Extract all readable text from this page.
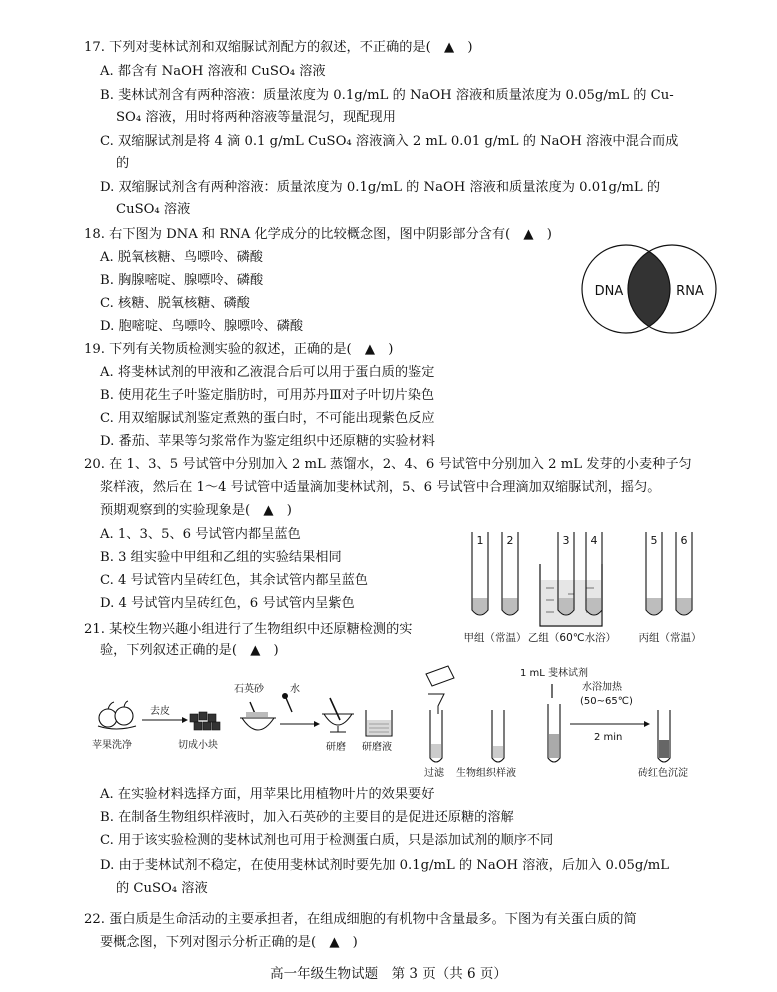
17. 下列对斐林试剂和双缩脲试剂配方的叙述，不正确的是(　▲　)
A. 都含有 NaOH 溶液和 CuSO₄ 溶液
B. 斐林试剂含有两种溶液：质量浓度为 0.1g/mL 的 NaOH 溶液和质量浓度为 0.05g/mL 的 Cu-
SO₄ 溶液，用时将两种溶液等量混匀，现配现用
C. 双缩脲试剂是将 4 滴 0.1 g/mL CuSO₄ 溶液滴入 2 mL 0.01 g/mL 的 NaOH 溶液中混合而成
的
D. 双缩脲试剂含有两种溶液：质量浓度为 0.1g/mL 的 NaOH 溶液和质量浓度为 0.01g/mL 的
CuSO₄ 溶液
18. 右下图为 DNA 和 RNA 化学成分的比较概念图，图中阴影部分含有(　▲　)
A. 脱氧核糖、鸟嘌呤、磷酸
B. 胸腺嘧啶、腺嘌呤、磷酸
C. 核糖、脱氧核糖、磷酸
D. 胞嘧啶、鸟嘌呤、腺嘌呤、磷酸
DNA	RNA
19. 下列有关物质检测实验的叙述，正确的是(　▲　)
A. 将斐林试剂的甲液和乙液混合后可以用于蛋白质的鉴定
B. 使用花生子叶鉴定脂肪时，可用苏丹Ⅲ对子叶切片染色
C. 用双缩脲试剂鉴定煮熟的蛋白时，不可能出现紫色反应
D. 番茄、苹果等匀浆常作为鉴定组织中还原糖的实验材料
20. 在 1、3、5 号试管中分别加入 2 mL 蒸馏水，2、4、6 号试管中分别加入 2 mL 发芽的小麦种子匀
浆样液，然后在 1～4 号试管中适量滴加斐林试剂，5、6 号试管中合理滴加双缩脲试剂，摇匀。
预期观察到的实验现象是(　▲　)
A. 1、3、5、6 号试管内都呈蓝色
B. 3 组实验中甲组和乙组的实验结果相同
C. 4 号试管内呈砖红色，其余试管内都呈蓝色
D. 4 号试管内呈砖红色，6 号试管内呈紫色
1 2	3 4	5 6
甲组（常温） 乙组（60℃水浴） 丙组（常温）
21. 某校生物兴趣小组进行了生物组织中还原糖检测的实
验，下列叙述正确的是(　▲　)
苹果洗净
去皮
切成小块
石英砂	水
研磨 研磨液
过滤 生物组织样液
1 mL 斐林试剂
水浴加热
(50~65℃)
2 min
砖红色沉淀
A. 在实验材料选择方面，用苹果比用植物叶片的效果要好
B. 在制备生物组织样液时，加入石英砂的主要目的是促进还原糖的溶解
C. 用于该实验检测的斐林试剂也可用于检测蛋白质，只是添加试剂的顺序不同
D. 由于斐林试剂不稳定，在使用斐林试剂时要先加 0.1g/mL 的 NaOH 溶液，后加入 0.05g/mL
的 CuSO₄ 溶液
22. 蛋白质是生命活动的主要承担者，在组成细胞的有机物中含量最多。下图为有关蛋白质的简
要概念图，下列对图示分析正确的是(　▲　)
高一年级生物试题　第 3 页（共 6 页）
